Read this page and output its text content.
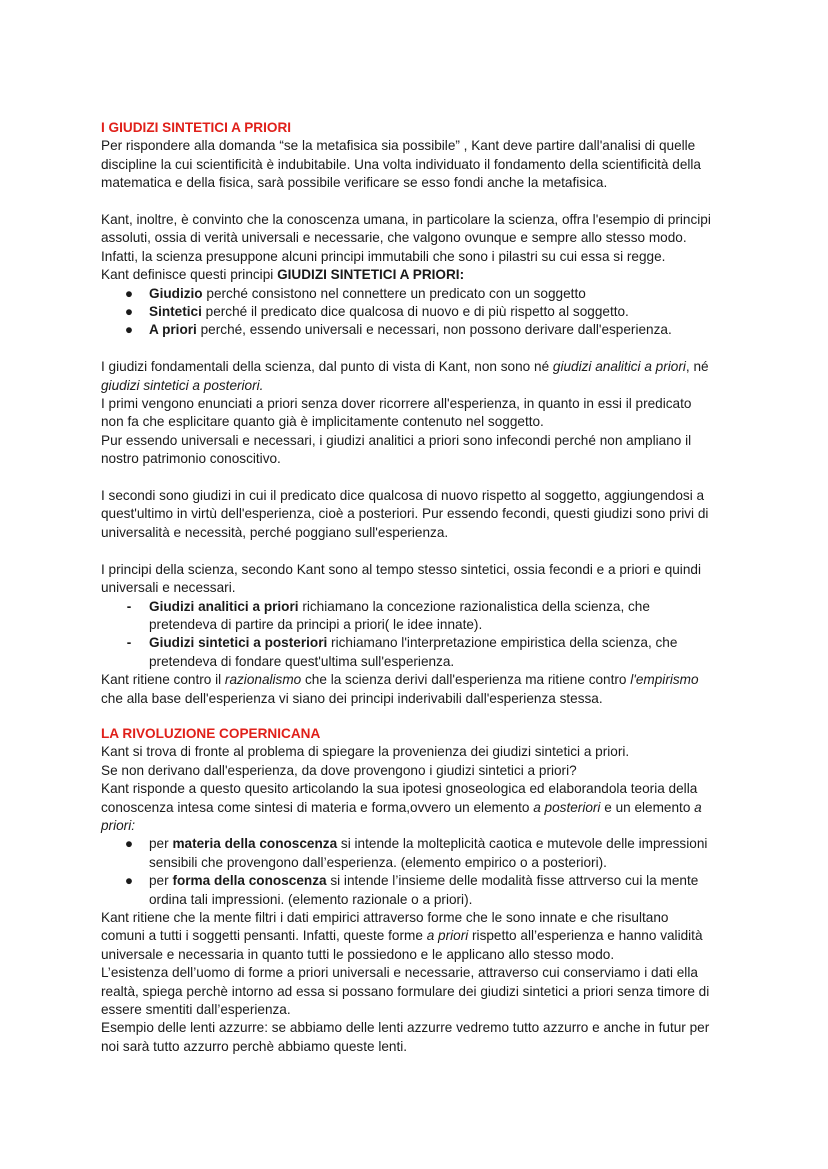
I GIUDIZI SINTETICI A PRIORI

Per rispondere alla domanda “se la metafisica sia possibile” , Kant deve partire dall'analisi di quelle
discipline la cui scientificità è indubitabile. Una volta individuato il fondamento della scientificità della
matematica e della fisica, sarà possibile verificare se esso fondi anche la metafisica.

Kant, inoltre, è convinto che la conoscenza umana, in particolare la scienza, offra l'esempio di principi
assoluti, ossia di verità universali e necessarie, che valgono ovunque e sempre allo stesso modo.
Infatti, la scienza presuppone alcuni principi immutabili che sono i pilastri su cui essa si regge.
Kant definisce questi principi GIUDIZI SINTETICI A PRIORI:

● Giudizio perché consistono nel connettere un predicato con un soggetto
● Sintetici perché il predicato dice qualcosa di nuovo e di più rispetto al soggetto.
● A priori perché, essendo universali e necessari, non possono derivare dall'esperienza.

I giudizi fondamentali della scienza, dal punto di vista di Kant, non sono né giudizi analitici a priori, né
giudizi sintetici a posteriori.
I primi vengono enunciati a priori senza dover ricorrere all'esperienza, in quanto in essi il predicato
non fa che esplicitare quanto già è implicitamente contenuto nel soggetto.
Pur essendo universali e necessari, i giudizi analitici a priori sono infecondi perché non ampliano il
nostro patrimonio conoscitivo.

I secondi sono giudizi in cui il predicato dice qualcosa di nuovo rispetto al soggetto, aggiungendosi a
quest'ultimo in virtù dell'esperienza, cioè a posteriori. Pur essendo fecondi, questi giudizi sono privi di
universalità e necessità, perché poggiano sull'esperienza.

I principi della scienza, secondo Kant sono al tempo stesso sintetici, ossia fecondi e a priori e quindi
universali e necessari.

-	Giudizi analitici a priori richiamano la concezione razionalistica della scienza, che
pretendeva di partire da principi a priori( le idee innate).
-	Giudizi sintetici a posteriori richiamano l'interpretazione empiristica della scienza, che
pretendeva di fondare quest'ultima sull'esperienza.

Kant ritiene contro il razionalismo che la scienza derivi dall'esperienza ma ritiene contro l'empirismo
che alla base dell'esperienza vi siano dei principi inderivabili dall'esperienza stessa.

LA RIVOLUZIONE COPERNICANA

Kant si trova di fronte al problema di spiegare la provenienza dei giudizi sintetici a priori.
Se non derivano dall'esperienza, da dove provengono i giudizi sintetici a priori?
Kant risponde a questo quesito articolando la sua ipotesi gnoseologica ed elaborandola teoria della
conoscenza intesa come sintesi di materia e forma,ovvero un elemento a posteriori e un elemento a
priori:

● per materia della conoscenza si intende la molteplicità caotica e mutevole delle impressioni
sensibili che provengono dall’esperienza. (elemento empirico o a posteriori).
● per forma della conoscenza si intende l’insieme delle modalità fisse attrverso cui la mente
ordina tali impressioni. (elemento razionale o a priori).

Kant ritiene che la mente filtri i dati empirici attraverso forme che le sono innate e che risultano
comuni a tutti i soggetti pensanti. Infatti, queste forme a priori rispetto all’esperienza e hanno validità
universale e necessaria in quanto tutti le possiedono e le applicano allo stesso modo.
L’esistenza dell’uomo di forme a priori universali e necessarie, attraverso cui conserviamo i dati ella
realtà, spiega perchè intorno ad essa si possano formulare dei giudizi sintetici a priori senza timore di
essere smentiti dall’esperienza.
Esempio delle lenti azzurre: se abbiamo delle lenti azzurre vedremo tutto azzurro e anche in futur per
noi sarà tutto azzurro perchè abbiamo queste lenti.
